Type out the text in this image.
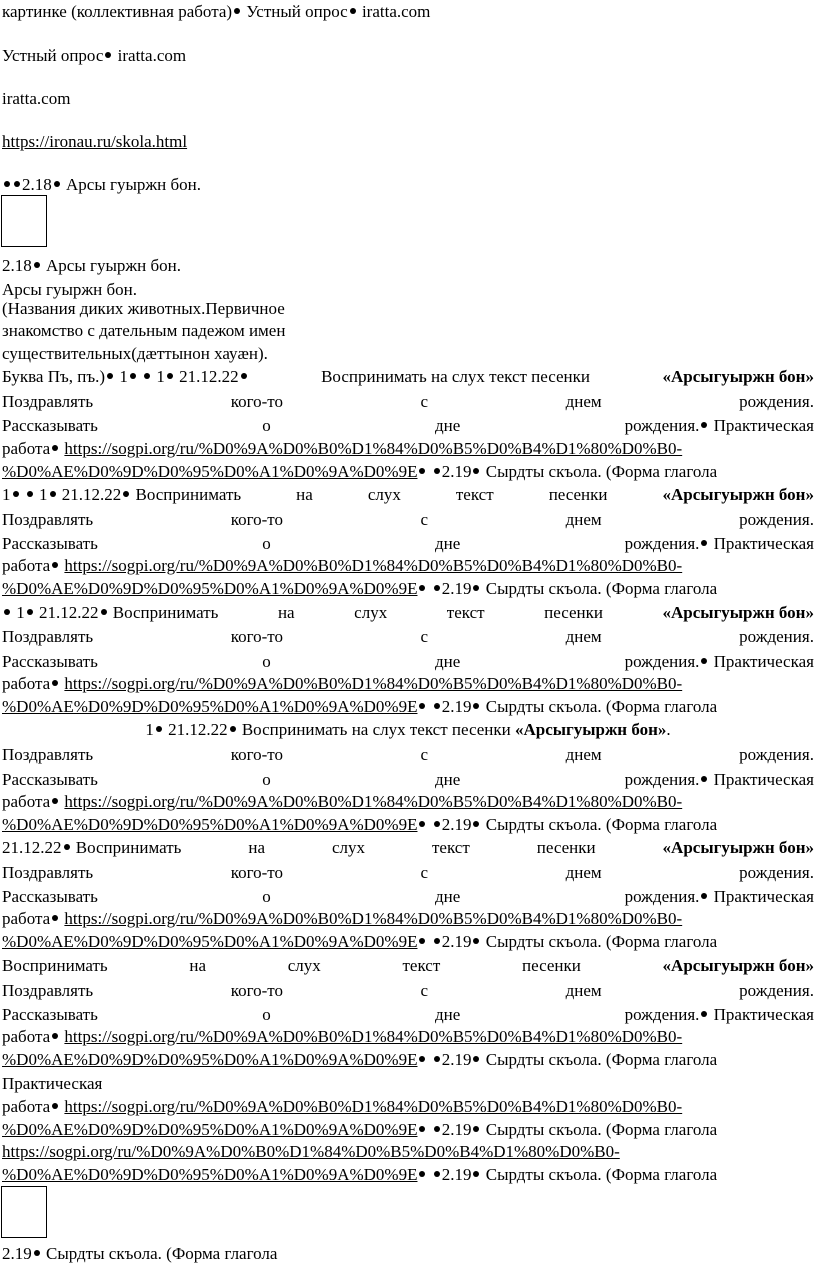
картинке (коллективная работа) Устный опрос iratta.com
Устный опрос iratta.com
iratta.com
https://ironau.ru/skola.html
2.18 Арсы гуыржн бон.
2.18 Арсы гуыржн бон.
Арсы гуыржн бон.
(Названия диких животных.Первичное
знакомство с дательным падежом имен
существительных(дæттынон хауæн).
Буква Пъ, пъ.) 1 1 21.12.22	Воспринимать на слух текст песенки	«Арсыгуыржн бон»
Поздравлять	кого-то	с	днем	рождения.
Рассказывать	о	дне	рождения. Практическая
работа https://sogpi.org/ru/%D0%9A%D0%B0%D1%84%D0%B5%D0%B4%D1%80%D0%B0-
%D0%AE%D0%9D%D0%95%D0%A1%D0%9A%D0%9E 2.19 Сырдты скъола. (Форма глагола
1 1 21.12.22 Воспринимать	на	слух	текст	песенки	«Арсыгуыржн бон»
Поздравлять	кого-то	с	днем	рождения.
Рассказывать	о	дне	рождения. Практическая
работа https://sogpi.org/ru/%D0%9A%D0%B0%D1%84%D0%B5%D0%B4%D1%80%D0%B0-
%D0%AE%D0%9D%D0%95%D0%A1%D0%9A%D0%9E 2.19 Сырдты скъола. (Форма глагола
1 21.12.22 Воспринимать	на	слух	текст	песенки	«Арсыгуыржн бон»
Поздравлять	кого-то	с	днем	рождения.
Рассказывать	о	дне	рождения. Практическая
работа https://sogpi.org/ru/%D0%9A%D0%B0%D1%84%D0%B5%D0%B4%D1%80%D0%B0-
%D0%AE%D0%9D%D0%95%D0%A1%D0%9A%D0%9E 2.19 Сырдты скъола. (Форма глагола
1 21.12.22 Воспринимать на слух текст песенки «Арсыгуыржн бон».
Поздравлять	кого-то	с	днем	рождения.
Рассказывать	о	дне	рождения. Практическая
работа https://sogpi.org/ru/%D0%9A%D0%B0%D1%84%D0%B5%D0%B4%D1%80%D0%B0-
%D0%AE%D0%9D%D0%95%D0%A1%D0%9A%D0%9E 2.19 Сырдты скъола. (Форма глагола
21.12.22 Воспринимать	на	слух	текст	песенки	«Арсыгуыржн бон»
Поздравлять	кого-то	с	днем	рождения.
Рассказывать	о	дне	рождения. Практическая
работа https://sogpi.org/ru/%D0%9A%D0%B0%D1%84%D0%B5%D0%B4%D1%80%D0%B0-
%D0%AE%D0%9D%D0%95%D0%A1%D0%9A%D0%9E 2.19 Сырдты скъола. (Форма глагола
Воспринимать	на	слух	текст	песенки	«Арсыгуыржн бон»
Поздравлять	кого-то	с	днем	рождения.
Рассказывать	о	дне	рождения. Практическая
работа https://sogpi.org/ru/%D0%9A%D0%B0%D1%84%D0%B5%D0%B4%D1%80%D0%B0-
%D0%AE%D0%9D%D0%95%D0%A1%D0%9A%D0%9E 2.19 Сырдты скъола. (Форма глагола
Практическая
работа https://sogpi.org/ru/%D0%9A%D0%B0%D1%84%D0%B5%D0%B4%D1%80%D0%B0-
%D0%AE%D0%9D%D0%95%D0%A1%D0%9A%D0%9E 2.19 Сырдты скъола. (Форма глагола
https://sogpi.org/ru/%D0%9A%D0%B0%D1%84%D0%B5%D0%B4%D1%80%D0%B0-
%D0%AE%D0%9D%D0%95%D0%A1%D0%9A%D0%9E 2.19 Сырдты скъола. (Форма глагола
2.19 Сырдты скъола. (Форма глагола
